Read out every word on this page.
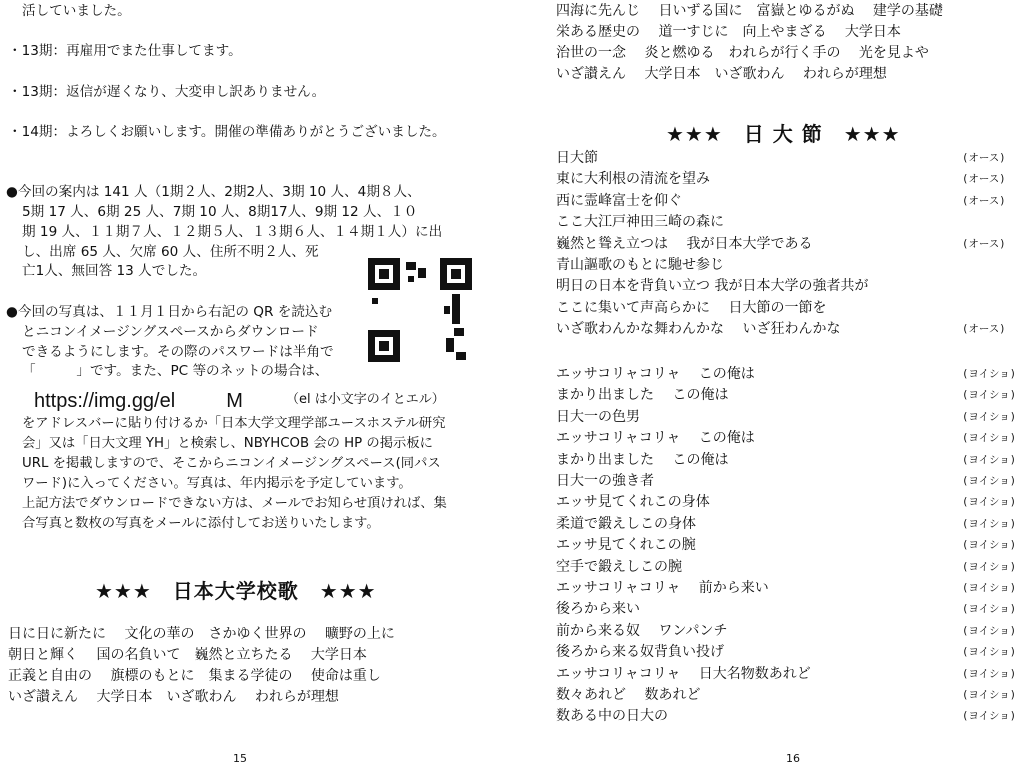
活していました。
・13期：再雇用でまた仕事してます。
・13期：返信が遅くなり、大変申し訳ありません。
・14期：よろしくお願いします。開催の準備ありがとうございました。
●今回の案内は 141 人（1期２人、2期2人、3期 10 人、4期８人、
5期 17 人、6期 25 人、7期 10 人、8期17人、9期 12 人、１０
期 19 人、１１期７人、１２期５人、１３期６人、１４期１人）に出
し、出席 65 人、欠席 60 人、住所不明２人、死
亡1人、無回答 13 人でした。
●今回の写真は、１１月１日から右記の QR を読込む
とニコンイメージングスペースからダウンロード
できるようにします。その際のパスワードは半角で
「　　　」です。また、PC 等のネットの場合は、
https://img.gg/el　　  M	（el は小文字のイとエル）
をアドレスバーに貼り付けるか「日本大学文理学部ユースホステル研究
会」又は「日大文理 YH」と検索し、NBYHCOB 会の HP の掲示板に
URL を掲載しますので、そこからニコンイメージングスペース(同パス
ワード)に入ってください。写真は、年内掲示を予定しています。
上記方法でダウンロードできない方は、メールでお知らせ頂ければ、集
合写真と数枚の写真をメールに添付してお送りいたします。
★★★　日本大学校歌　★★★
日に日に新たに　 文化の華の　さかゆく世界の　 曠野の上に
朝日と輝く　 国の名負いて　巍然と立ちたる　 大学日本
正義と自由の　 旗標のもとに　集まる学徒の　 使命は重し
いざ讃えん　 大学日本　いざ歌わん　 われらが理想
15
四海に先んじ　 日いずる国に　富嶽とゆるがぬ　 建学の基礎
栄ある歴史の　 道一すじに　向上やまざる　 大学日本
治世の一念　 炎と燃ゆる　われらが行く手の　 光を見よや
いざ讃えん　 大学日本　いざ歌わん　 われらが理想
★★★　日 大 節　★★★
日大節	(オース)
東に大利根の清流を望み	(オース)
西に霊峰富士を仰ぐ	(オース)
ここ大江戸神田三崎の森に
巍然と聳え立つは　 我が日本大学である	(オース)
青山謳歌のもとに馳せ参じ
明日の日本を背負い立つ 我が日本大学の強者共が
ここに集いて声高らかに　 日大節の一節を
いざ歌わんかな舞わんかな　 いざ狂わんかな	(オース)
エッサコリャコリャ　 この俺は	(ヨイショ)
まかり出ました　 この俺は	(ヨイショ)
日大一の色男	(ヨイショ)
エッサコリャコリャ　 この俺は	(ヨイショ)
まかり出ました　 この俺は	(ヨイショ)
日大一の強き者	(ヨイショ)
エッサ見てくれこの身体	(ヨイショ)
柔道で鍛えしこの身体	(ヨイショ)
エッサ見てくれこの腕	(ヨイショ)
空手で鍛えしこの腕	(ヨイショ)
エッサコリャコリャ　 前から来い	(ヨイショ)
後ろから来い	(ヨイショ)
前から来る奴　 ワンパンチ	(ヨイショ)
後ろから来る奴背負い投げ	(ヨイショ)
エッサコリャコリャ　 日大名物数あれど	(ヨイショ)
数々あれど　 数あれど	(ヨイショ)
数ある中の日大の	(ヨイショ)
16
